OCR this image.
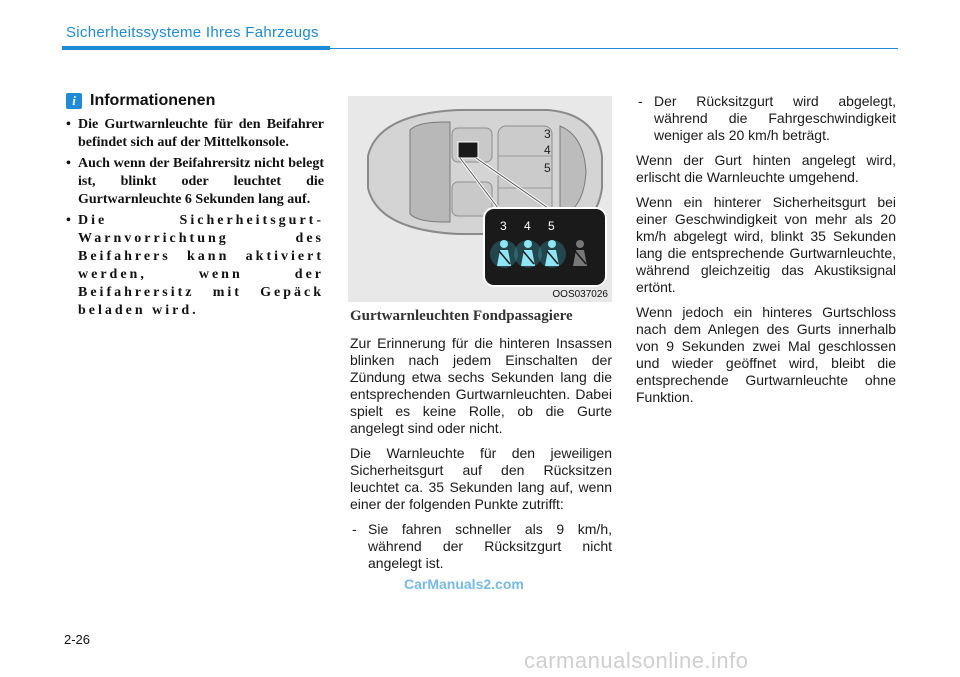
Sicherheitssysteme Ihres Fahrzeugs
i Informationenen
• Die Gurtwarnleuchte für den Beifahrer befindet sich auf der Mittelkonsole.
• Auch wenn der Beifahrersitz nicht belegt ist, blinkt oder leuchtet die Gurtwarnleuchte 6 Sekunden lang auf.
• Die Sicherheitsgurt-Warnvorrichtung des Beifahrers kann aktiviert werden, wenn der Beifahrersitz mit Gepäck beladen wird.
3
4
5
3 4 5
OOS037026
Gurtwarnleuchten Fondpassagiere

Zur Erinnerung für die hinteren Insassen blinken nach jedem Einschalten der Zündung etwa sechs Sekunden lang die entsprechenden Gurtwarnleuchten. Dabei spielt es keine Rolle, ob die Gurte angelegt sind oder nicht.

Die Warnleuchte für den jeweiligen Sicherheitsgurt auf den Rücksitzen leuchtet ca. 35 Sekunden lang auf, wenn einer der folgenden Punkte zutrifft:

- Sie fahren schneller als 9 km/h, während der Rücksitzgurt nicht angelegt ist.
- Der Rücksitzgurt wird abgelegt, während die Fahrgeschwindigkeit weniger als 20 km/h beträgt.

Wenn der Gurt hinten angelegt wird, erlischt die Warnleuchte umgehend.

Wenn ein hinterer Sicherheitsgurt bei einer Geschwindigkeit von mehr als 20 km/h abgelegt wird, blinkt 35 Sekunden lang die entsprechende Gurtwarnleuchte, während gleichzeitig das Akustiksignal ertönt.

Wenn jedoch ein hinteres Gurtschloss nach dem Anlegen des Gurts innerhalb von 9 Sekunden zwei Mal geschlossen und wieder geöffnet wird, bleibt die entsprechende Gurtwarnleuchte ohne Funktion.

2-26
CarManuals2.com
carmanualsonline.info
